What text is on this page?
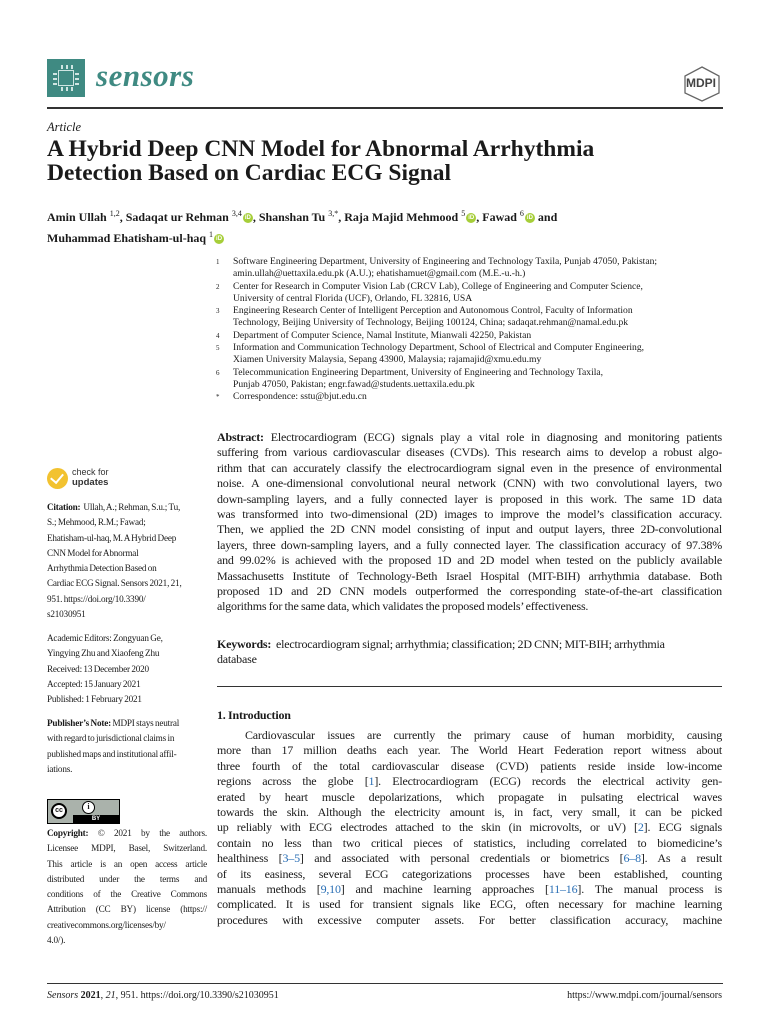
sensors	MDPI
Article
A Hybrid Deep CNN Model for Abnormal Arrhythmia
Detection Based on Cardiac ECG Signal
Amin Ullah $^{1,2}$, Sadaqat ur Rehman $^{3,4}$iD , Shanshan Tu $^{3,*}$, Raja Majid Mehmood $^5$iD , Fawad $^6$iD and
Muhammad Ehatisham-ul-haq $^1$iD
1	Software Engineering Department, University of Engineering and Technology Taxila, Punjab 47050, Pakistan;
amin.ullah@uettaxila.edu.pk (A.U.); ehatishamuet@gmail.com (M.E.-u.-h.)
2	Center for Research in Computer Vision Lab (CRCV Lab), College of Engineering and Computer Science,
University of central Florida (UCF), Orlando, FL 32816, USA
3	Engineering Research Center of Intelligent Perception and Autonomous Control, Faculty of Information
Technology, Beijing University of Technology, Beijing 100124, China; sadaqat.rehman@namal.edu.pk
4	Department of Computer Science, Namal Institute, Mianwali 42250, Pakistan
5	Information and Communication Technology Department, School of Electrical and Computer Engineering,
Xiamen University Malaysia, Sepang 43900, Malaysia; rajamajid@xmu.edu.my
6	Telecommunication Engineering Department, University of Engineering and Technology Taxila,
Punjab 47050, Pakistan; engr.fawad@students.uettaxila.edu.pk
*	Correspondence: sstu@bjut.edu.cn
check for
updates
Citation: Ullah, A.; Rehman, S.u.; Tu,
S.; Mehmood, R.M.; Fawad;
Ehatisham-ul-haq, M. A Hybrid Deep
CNN Model for Abnormal
Arrhythmia Detection Based on
Cardiac ECG Signal. Sensors 2021, 21,
951. https://doi.org/10.3390/
s21030951
Academic Editors: Zongyuan Ge,
Yingying Zhu and Xiaofeng Zhu
Received: 13 December 2020
Accepted: 15 January 2021
Published: 1 February 2021
Publisher’s Note: MDPI stays neutral
with regard to jurisdictional claims in
published maps and institutional affil-
iations.
cc	i
BY
Copyright: © 2021 by the authors.
Licensee MDPI, Basel, Switzerland.
This article is an open access article
distributed under the terms and
conditions of the Creative Commons
Attribution (CC BY) license (https://
creativecommons.org/licenses/by/
4.0/).
Abstract: Electrocardiogram (ECG) signals play a vital role in diagnosing and monitoring patients
suffering from various cardiovascular diseases (CVDs). This research aims to develop a robust algo-
rithm that can accurately classify the electrocardiogram signal even in the presence of environmental
noise. A one-dimensional convolutional neural network (CNN) with two convolutional layers, two
down-sampling layers, and a fully connected layer is proposed in this work. The same 1D data
was transformed into two-dimensional (2D) images to improve the model’s classification accuracy.
Then, we applied the 2D CNN model consisting of input and output layers, three 2D-convolutional
layers, three down-sampling layers, and a fully connected layer. The classification accuracy of 97.38%
and 99.02% is achieved with the proposed 1D and 2D model when tested on the publicly available
Massachusetts Institute of Technology-Beth Israel Hospital (MIT-BIH) arrhythmia database. Both
proposed 1D and 2D CNN models outperformed the corresponding state-of-the-art classification
algorithms for the same data, which validates the proposed models’ effectiveness.
Keywords: electrocardiogram signal; arrhythmia; classification; 2D CNN; MIT-BIH; arrhythmia
database
1. Introduction
Cardiovascular issues are currently the primary cause of human morbidity, causing
more than 17 million deaths each year. The World Heart Federation report witness about
three fourth of the total cardiovascular disease (CVD) patients reside inside low-income
regions across the globe [1]. Electrocardiogram (ECG) records the electrical activity gen-
erated by heart muscle depolarizations, which propagate in pulsating electrical waves
towards the skin. Although the electricity amount is, in fact, very small, it can be picked
up reliably with ECG electrodes attached to the skin (in microvolts, or uV) [2]. ECG signals
contain no less than two critical pieces of statistics, including correlated to biomedicine’s
healthiness [3–5] and associated with personal credentials or biometrics [6–8]. As a result
of its easiness, several ECG categorizations processes have been established, counting
manuals methods [9,10] and machine learning approaches [11–16]. The manual process is
complicated. It is used for transient signals like ECG, often necessary for machine learning
procedures with excessive computer assets. For better classification accuracy, machine
Sensors 2021, 21, 951. https://doi.org/10.3390/s21030951	https://www.mdpi.com/journal/sensors
